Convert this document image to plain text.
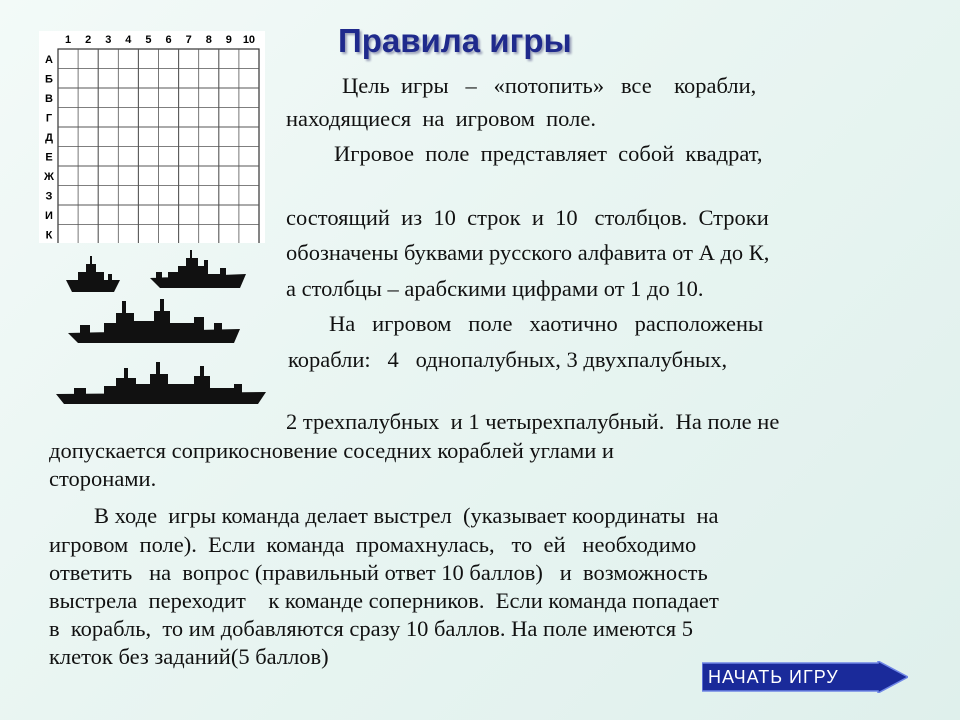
1 2 3 4 5 6 7 8 9 10
А
Б
В
Г
Д
Е
Ж
З
И
К
Правила игры
Цель  игры   –   «потопить»   все    корабли,
находящиеся  на  игровом  поле.
Игровое  поле  представляет  собой  квадрат,
состоящий  из  10  строк  и  10   столбцов.  Строки
обозначены буквами русского алфавита от А до К,
а столбцы – арабскими цифрами от 1 до 10.
На   игровом   поле   хаотично   расположены
корабли:   4   однопалубных, 3 двухпалубных,
2 трехпалубных  и 1 четырехпалубный.  На поле не
допускается соприкосновение соседних кораблей углами и
сторонами.
В ходе  игры команда делает выстрел  (указывает координаты  на
игровом  поле).  Если  команда  промахнулась,   то  ей   необходимо
ответить   на  вопрос (правильный ответ 10 баллов)   и  возможность
выстрела  переходит    к команде соперников.  Если команда попадает
в  корабль,  то им добавляются сразу 10 баллов. На поле имеются 5
клеток без заданий(5 баллов)
НАЧАТЬ ИГРУ
